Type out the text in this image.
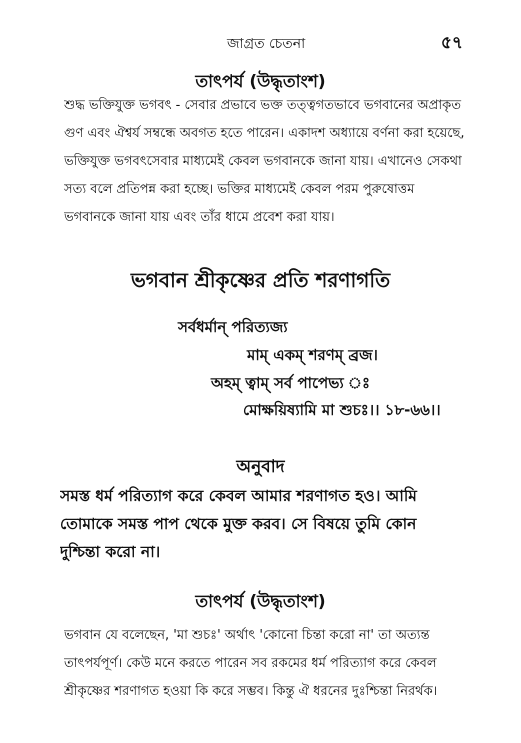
জাগ্রত চেতনা	৫৭
তাৎপর্য (উদ্ধৃতাংশ)
শুদ্ধ ভক্তিযুক্ত ভগবৎ - সেবার প্রভাবে ভক্ত তত্ত্বগতভাবে ভগবানের অপ্রাকৃত
গুণ এবং ঐশ্বর্য সম্বন্ধে অবগত হতে পারেন। একাদশ অধ্যায়ে বর্ণনা করা হয়েছে,
ভক্তিযুক্ত ভগবৎসেবার মাধ্যমেই কেবল ভগবানকে জানা যায়। এখানেও সেকথা
সত্য বলে প্রতিপন্ন করা হচ্ছে। ভক্তির মাধ্যমেই কেবল পরম পুরুষোত্তম
ভগবানকে জানা যায় এবং তাঁর ধামে প্রবেশ করা যায়।
ভগবান শ্রীকৃষ্ণের প্রতি শরণাগতি
সর্বধর্মান্‌ পরিত্যজ্য
মাম্‌ একম্‌ শরণম্‌ ব্রজ।
অহম্‌ ত্বাম্‌ সর্ব পাপেভ্য ঃ
মোক্ষয়িষ্যামি মা শুচঃ।। ১৮-৬৬।।
অনুবাদ
সমস্ত ধর্ম পরিত্যাগ করে কেবল আমার শরণাগত হও। আমি
তোমাকে সমস্ত পাপ থেকে মুক্ত করব। সে বিষয়ে তুমি কোন
দুশ্চিন্তা করো না।
তাৎপর্য (উদ্ধৃতাংশ)
ভগবান যে বলেছেন, 'মা শুচঃ' অর্থাৎ 'কোনো চিন্তা করো না' তা অত্যন্ত
তাৎপর্যপূর্ণ। কেউ মনে করতে পারেন সব রকমের ধর্ম পরিত্যাগ করে কেবল
শ্রীকৃষ্ণের শরণাগত হওয়া কি করে সম্ভব। কিন্তু ঐ ধরনের দুঃশ্চিন্তা নিরর্থক।
